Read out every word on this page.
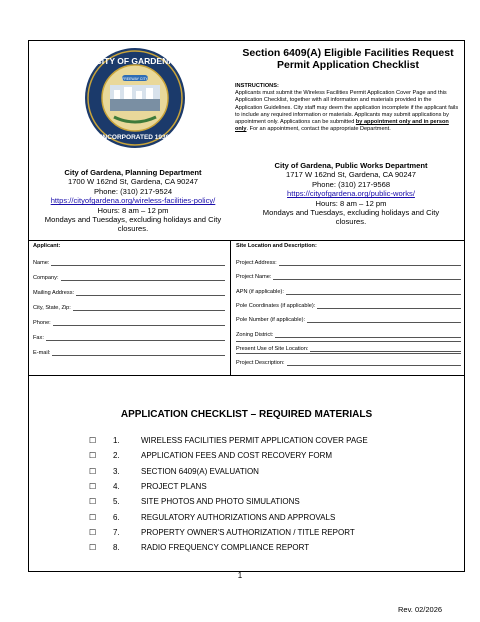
CITY OF GARDENA
FREEWAY CITY
INCORPORATED 1930
Section 6409(A) Eligible Facilities Request
Permit Application Checklist
INSTRUCTIONS:
Applicants must submit the Wireless Facilities Permit Application Cover Page and this Application Checklist, together with all information and materials provided in the Application Guidelines. City staff may deem the application incomplete if the applicant fails to include any required information or materials. Applicants may submit applications by appointment only. Applications can be submitted by appointment only and in person only. For an appointment, contact the appropriate Department.
City of Gardena, Planning Department
1700 W 162nd St, Gardena, CA 90247
Phone: (310) 217-9524
https://cityofgardena.org/wireless-facilities-policy/
Hours: 8 am – 12 pm
Mondays and Tuesdays, excluding holidays and City closures.
City of Gardena, Public Works Department
1717 W 162nd St, Gardena, CA 90247
Phone: (310) 217-9568
https://cityofgardena.org/public-works/
Hours: 8 am – 12 pm
Mondays and Tuesdays, excluding holidays and City closures.
Applicant:
Name:
Company:
Mailing Address:
City, State, Zip:
Phone:
Fax:
E-mail:
Site Location and Description:
Project Address:
Project Name:
APN (if applicable):
Pole Coordinates (if applicable):
Pole Number (if applicable):
Zoning District:
Present Use of Site Location:
Project Description:
APPLICATION CHECKLIST – REQUIRED MATERIALS
☐	1.	WIRELESS FACILITIES PERMIT APPLICATION COVER PAGE
☐	2.	APPLICATION FEES AND COST RECOVERY FORM
☐	3.	SECTION 6409(A) EVALUATION
☐	4.	PROJECT PLANS
☐	5.	SITE PHOTOS AND PHOTO SIMULATIONS
☐	6.	REGULATORY AUTHORIZATIONS AND APPROVALS
☐	7.	PROPERTY OWNER'S AUTHORIZATION / TITLE REPORT
☐	8.	RADIO FREQUENCY COMPLIANCE REPORT
1
Rev. 02/2026
